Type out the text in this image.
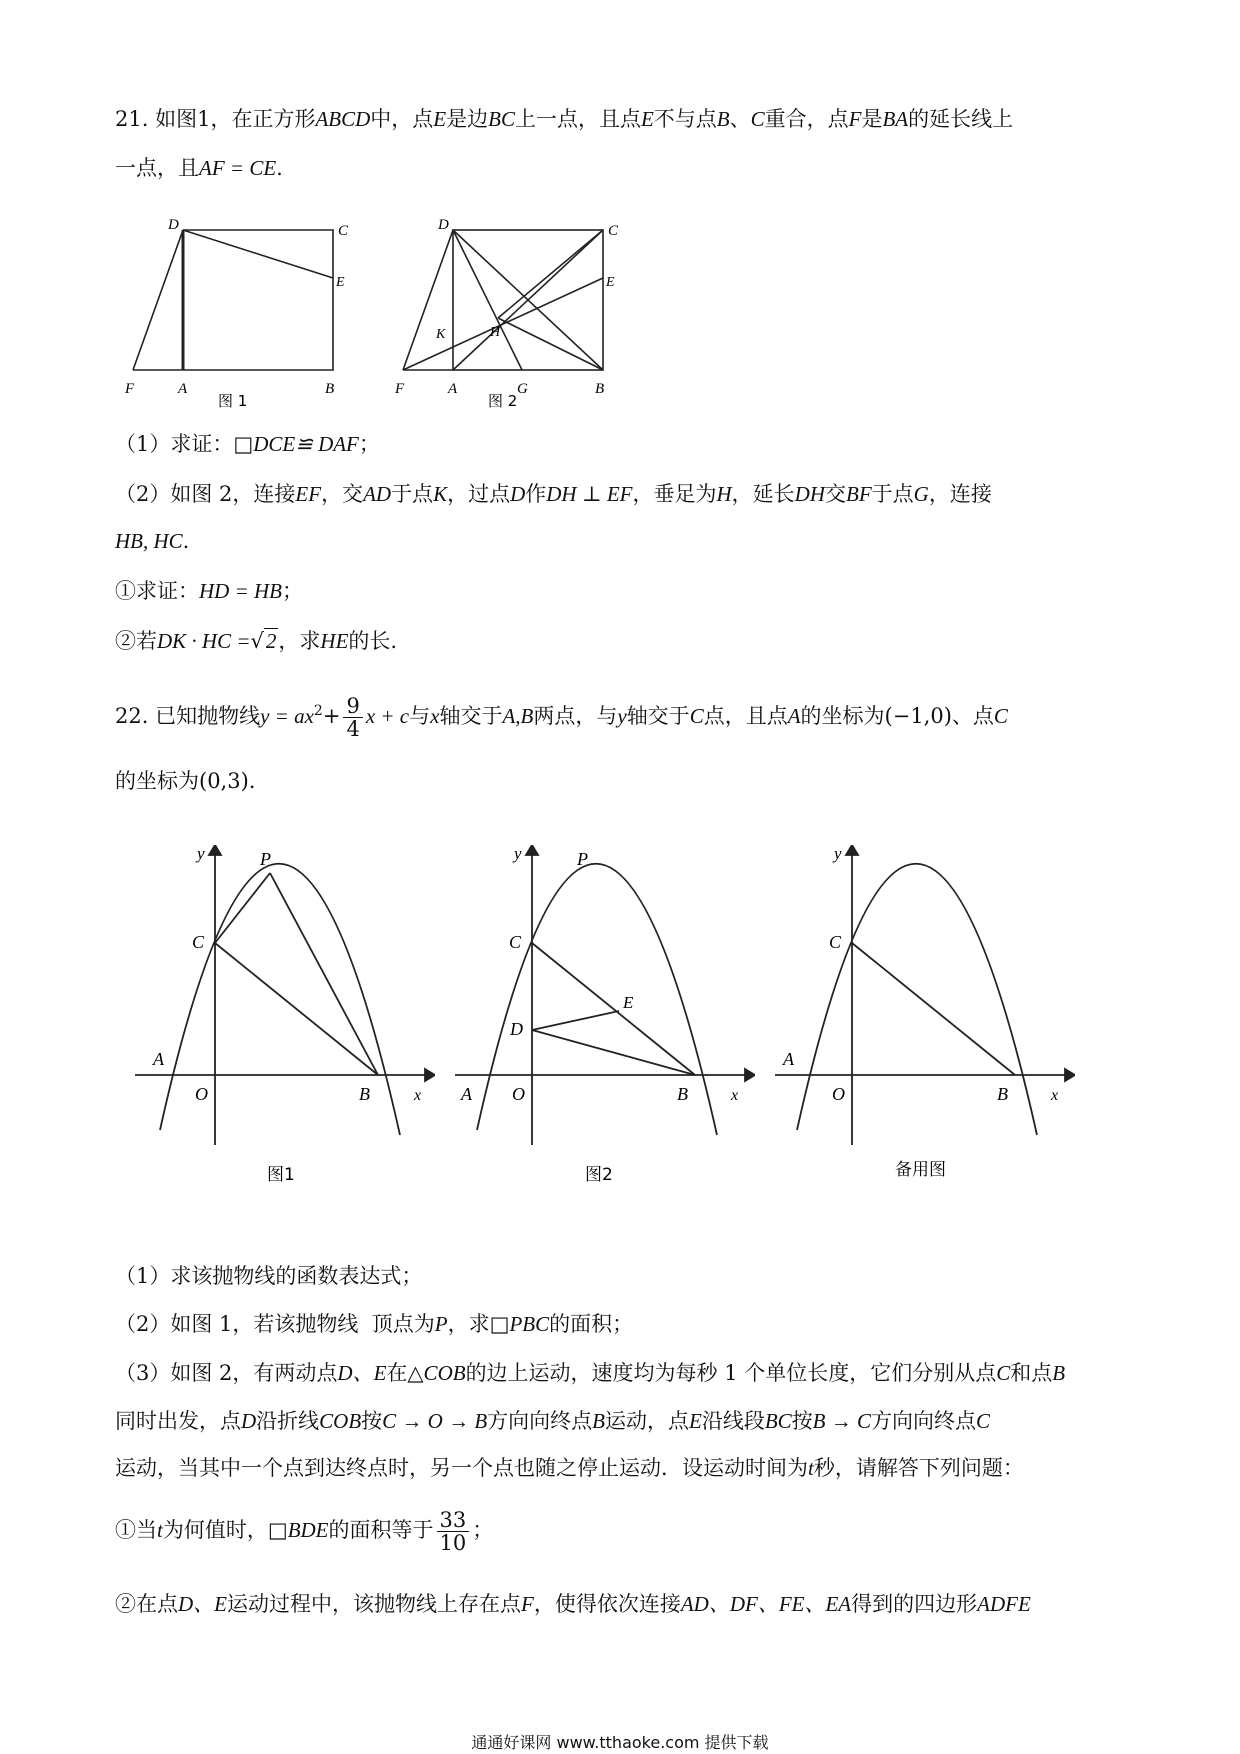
21. 如图1，在正方形ABCD中，点E是边BC上一点，且点E不与点B、C重合，点F是BA的延长线上
一点，且AF = CE.
D	C
E
F	A	B
图 1
D	C
E
K	H
F	A	G	B
图 2
（1）求证：□DCE≌ DAF；
（2）如图 2，连接EF，交AD于点K，过点D作DH ⊥ EF，垂足为H，延长DH交BF于点G，连接
HB, HC.
①求证：HD = HB；
②若DK · HC =√2，求HE的长.
22. 已知抛物线$y = ax^2+ \frac{9}{4}$ x + c与x轴交于A,B两点，与y轴交于C点，且点A的坐标为(−1,0)、点C
的坐标为(0,3).
y	P
C
A
O	B	x
图1
y	P
C
E
D
A O	B	x
图2
y
C
A
O	B	x
备用图
（1）求该抛物线的函数表达式；
（2）如图 1，若该抛物线 顶点为P，求□PBC的面积；
（3）如图 2，有两动点D、E在△COB的边上运动，速度均为每秒 1 个单位长度，它们分别从点C和点B
同时出发，点D沿折线COB按C → O → B方向向终点B运动，点E沿线段BC按B → C方向向终点C
运动，当其中一个点到达终点时，另一个点也随之停止运动．设运动时间为t秒，请解答下列问题：
①当t为何值时，□BDE的面积等于 $\frac{33}{10}$ ；
②在点D、E运动过程中，该抛物线上存在点F，使得依次连接AD、DF、FE、EA得到的四边形ADFE
通通好课网 www.tthaoke.com 提供下载
